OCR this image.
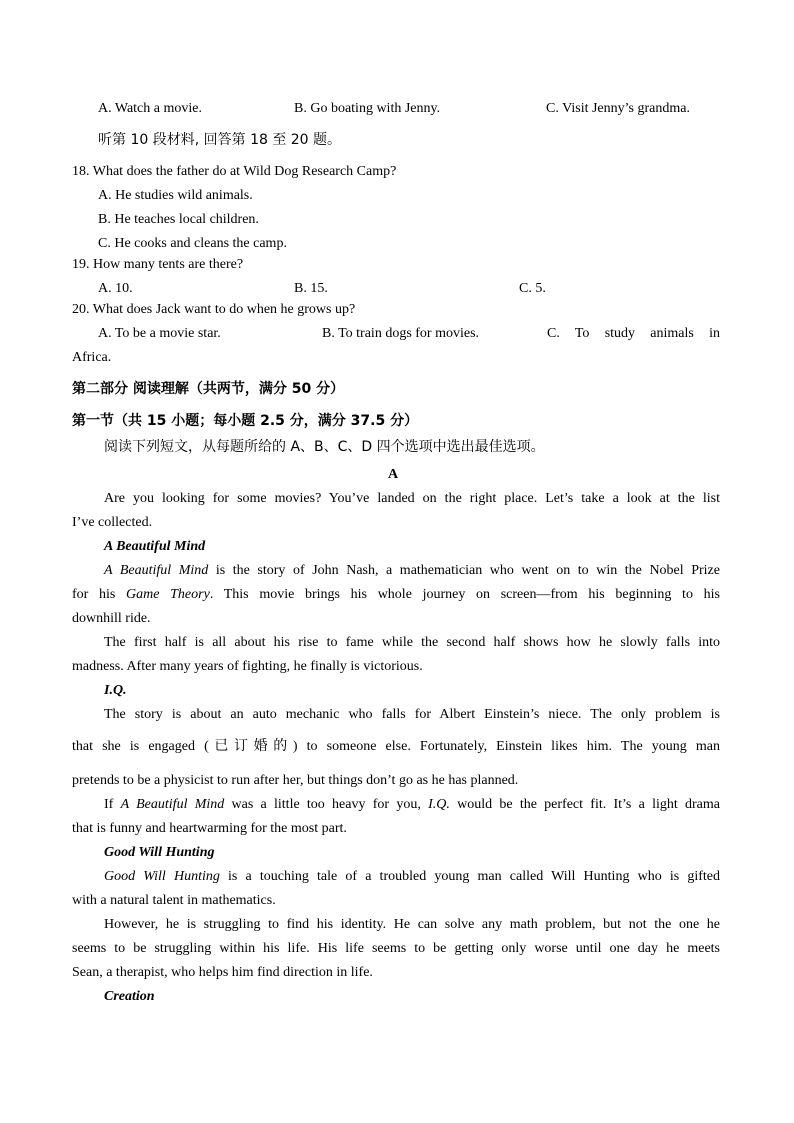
A. Watch a movie.	B. Go boating with Jenny.	C. Visit Jenny’s grandma.
听第 10 段材料, 回答第 18 至 20 题。
18. What does the father do at Wild Dog Research Camp?
A. He studies wild animals.
B. He teaches local children.
C. He cooks and cleans the camp.
19. How many tents are there?
A. 10.	B. 15.	C. 5.
20. What does Jack want to do when he grows up?
A. To be a movie star.	B. To train dogs for movies.	C. To study animals in
Africa.
第二部分 阅读理解（共两节，满分 50 分）
第一节（共 15 小题；每小题 2.5 分，满分 37.5 分）
阅读下列短文，从每题所给的 A、B、C、D 四个选项中选出最佳选项。
A
Are you looking for some movies? You’ve landed on the right place. Let’s take a look at the list
I’ve collected.
A Beautiful Mind
A Beautiful Mind is the story of John Nash, a mathematician who went on to win the Nobel Prize
for his Game Theory. This movie brings his whole journey on screen—from his beginning to his
downhill ride.
The first half is all about his rise to fame while the second half shows how he slowly falls into
madness. After many years of fighting, he finally is victorious.
I.Q.
The story is about an auto mechanic who falls for Albert Einstein’s niece. The only problem is
that she is engaged (已订婚的) to someone else. Fortunately, Einstein likes him. The young man
pretends to be a physicist to run after her, but things don’t go as he has planned.
If A Beautiful Mind was a little too heavy for you, I.Q. would be the perfect fit. It’s a light drama
that is funny and heartwarming for the most part.
Good Will Hunting
Good Will Hunting is a touching tale of a troubled young man called Will Hunting who is gifted
with a natural talent in mathematics.
However, he is struggling to find his identity. He can solve any math problem, but not the one he
seems to be struggling within his life. His life seems to be getting only worse until one day he meets
Sean, a therapist, who helps him find direction in life.
Creation
